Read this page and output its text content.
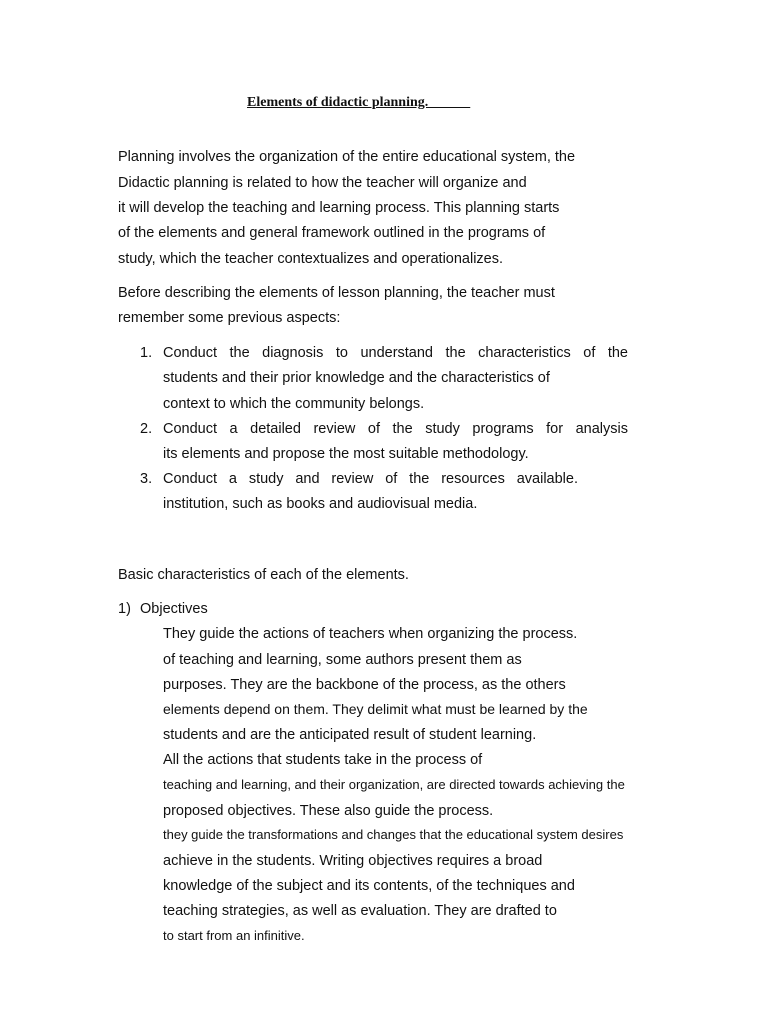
Elements of didactic planning.
Planning involves the organization of the entire educational system, the
Didactic planning is related to how the teacher will organize and
it will develop the teaching and learning process. This planning starts
of the elements and general framework outlined in the programs of
study, which the teacher contextualizes and operationalizes.
Before describing the elements of lesson planning, the teacher must
remember some previous aspects:
1. Conduct the diagnosis to understand the characteristics of the
students and their prior knowledge and the characteristics of
context to which the community belongs.
2. Conduct a detailed review of the study programs for analysis
its elements and propose the most suitable methodology.
3. Conduct a study and review of the resources available.
institution, such as books and audiovisual media.
Basic characteristics of each of the elements.
1) Objectives
They guide the actions of teachers when organizing the process.
of teaching and learning, some authors present them as
purposes. They are the backbone of the process, as the others
elements depend on them. They delimit what must be learned by the
students and are the anticipated result of student learning.
All the actions that students take in the process of
teaching and learning, and their organization, are directed towards achieving the
proposed objectives. These also guide the process.
they guide the transformations and changes that the educational system desires
achieve in the students. Writing objectives requires a broad
knowledge of the subject and its contents, of the techniques and
teaching strategies, as well as evaluation. They are drafted to
to start from an infinitive.
